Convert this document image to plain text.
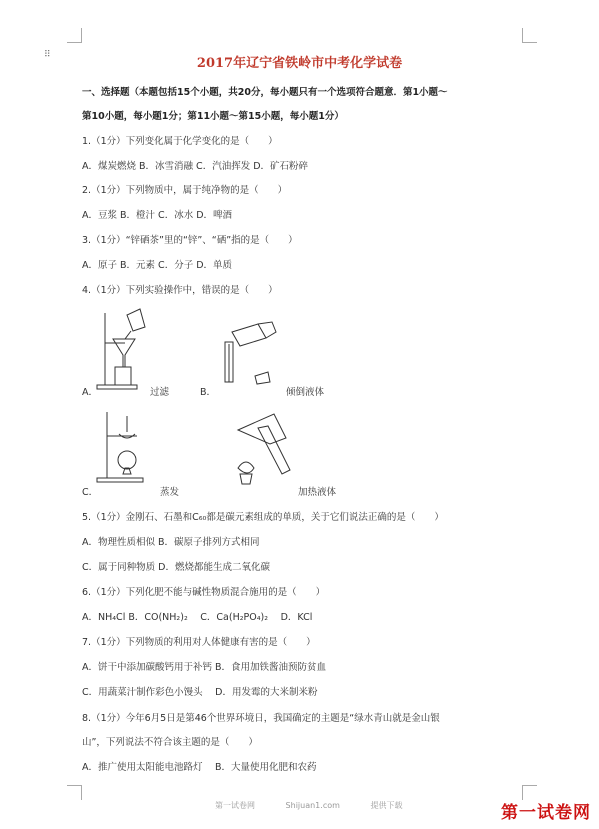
⠿
2017年辽宁省铁岭市中考化学试卷
一、选择题（本题包括15个小题，共20分，每小题只有一个选项符合题意．第1小题～
第10小题，每小题1分；第11小题～第15小题，每小题1分）
1.（1分）下列变化属于化学变化的是（　　）
A．煤炭燃烧 B．冰雪消融 C．汽油挥发 D．矿石粉碎
2.（1分）下列物质中，属于纯净物的是（　　）
A．豆浆 B．橙汁 C．冰水 D．啤酒
3.（1分）“锌硒茶”里的“锌”、“硒”指的是（　　）
A．原子 B．元素 C．分子 D．单质
4.（1分）下列实验操作中，错误的是（　　）
A．	过滤	B．	倾倒液体
C．	蒸发	加热液体
5.（1分）金刚石、石墨和C₆₀都是碳元素组成的单质，关于它们说法正确的是（　　）
A．物理性质相似 B．碳原子排列方式相同
C．属于同种物质 D．燃烧都能生成二氧化碳
6.（1分）下列化肥不能与碱性物质混合施用的是（　　）
A．NH₄Cl B．CO(NH₂)₂　 C．Ca(H₂PO₄)₂　 D．KCl
7.（1分）下列物质的利用对人体健康有害的是（　　）
A．饼干中添加碳酸钙用于补钙 B．食用加铁酱油预防贫血
C．用蔬菜汁制作彩色小馒头　 D．用发霉的大米制米粉
8.（1分）今年6月5日是第46个世界环境日，我国确定的主题是“绿水青山就是金山银
山”，下列说法不符合该主题的是（　　）
A．推广使用太阳能电池路灯　 B．大量使用化肥和农药
第一试卷网	Shijuan1.com	提供下载	第一试卷网
